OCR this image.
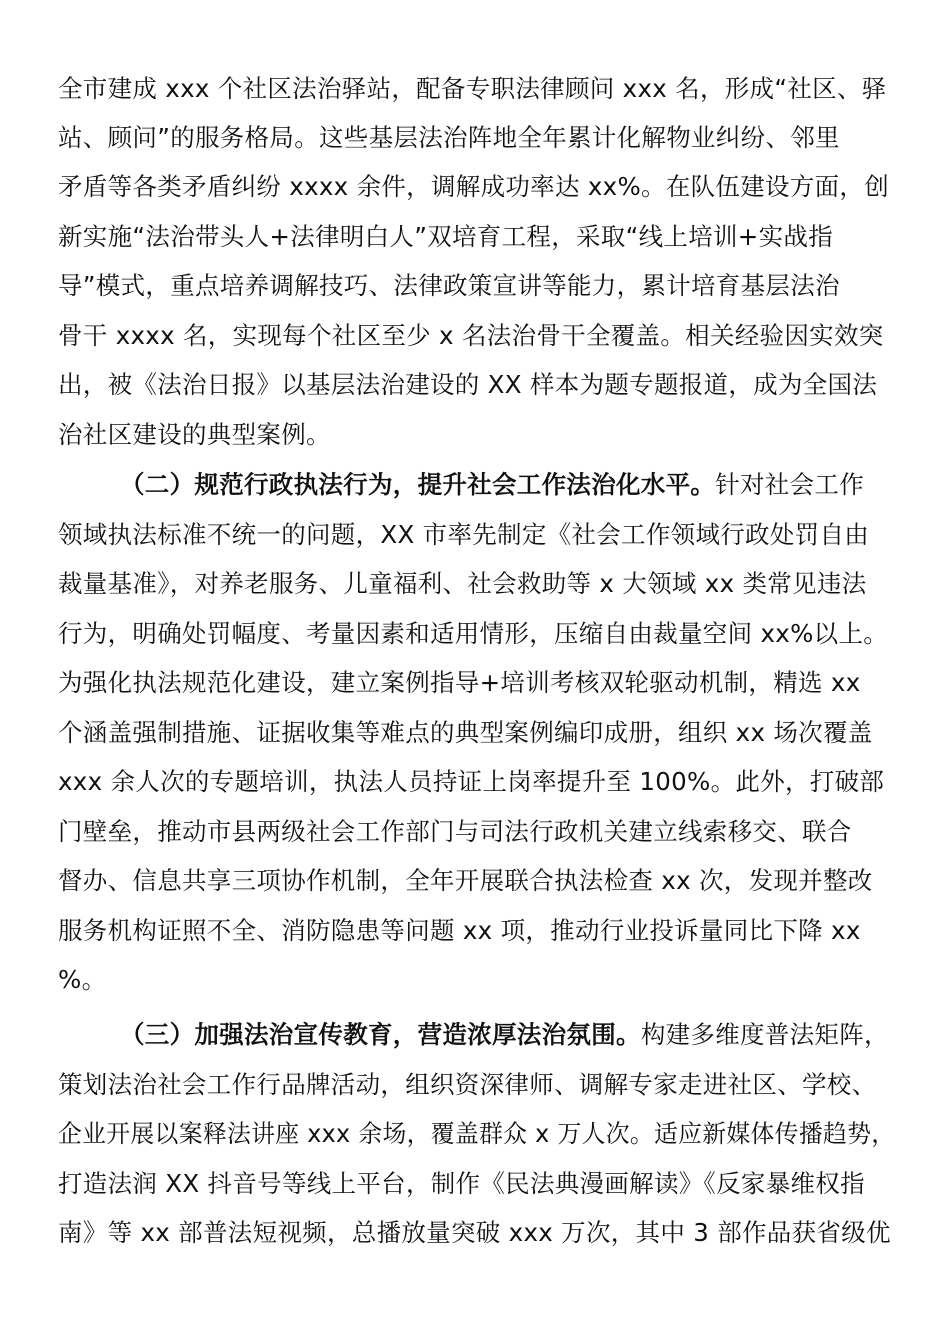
全市建成 xxx 个社区法治驿站，配备专职法律顾问 xxx 名，形成“社区、驿
站、顾问”的服务格局。这些基层法治阵地全年累计化解物业纠纷、邻里
矛盾等各类矛盾纠纷 xxxx 余件，调解成功率达 xx%。在队伍建设方面，创
新实施“法治带头人+法律明白人”双培育工程，采取“线上培训+实战指
导”模式，重点培养调解技巧、法律政策宣讲等能力，累计培育基层法治
骨干 xxxx 名，实现每个社区至少 x 名法治骨干全覆盖。相关经验因实效突
出，被《法治日报》以基层法治建设的 XX 样本为题专题报道，成为全国法
治社区建设的典型案例。
（二）规范行政执法行为，提升社会工作法治化水平。针对社会工作
领域执法标准不统一的问题，XX 市率先制定《社会工作领域行政处罚自由
裁量基准》，对养老服务、儿童福利、社会救助等 x 大领域 xx 类常见违法
行为，明确处罚幅度、考量因素和适用情形，压缩自由裁量空间 xx%以上。
为强化执法规范化建设，建立案例指导+培训考核双轮驱动机制，精选 xx
个涵盖强制措施、证据收集等难点的典型案例编印成册，组织 xx 场次覆盖
xxx 余人次的专题培训，执法人员持证上岗率提升至 100%。此外，打破部
门壁垒，推动市县两级社会工作部门与司法行政机关建立线索移交、联合
督办、信息共享三项协作机制，全年开展联合执法检查 xx 次，发现并整改
服务机构证照不全、消防隐患等问题 xx 项，推动行业投诉量同比下降 xx
%。
（三）加强法治宣传教育，营造浓厚法治氛围。构建多维度普法矩阵，
策划法治社会工作行品牌活动，组织资深律师、调解专家走进社区、学校、
企业开展以案释法讲座 xxx 余场，覆盖群众 x 万人次。适应新媒体传播趋势，
打造法润 XX 抖音号等线上平台，制作《民法典漫画解读》《反家暴维权指
南》等 xx 部普法短视频，总播放量突破 xxx 万次，其中 3 部作品获省级优
